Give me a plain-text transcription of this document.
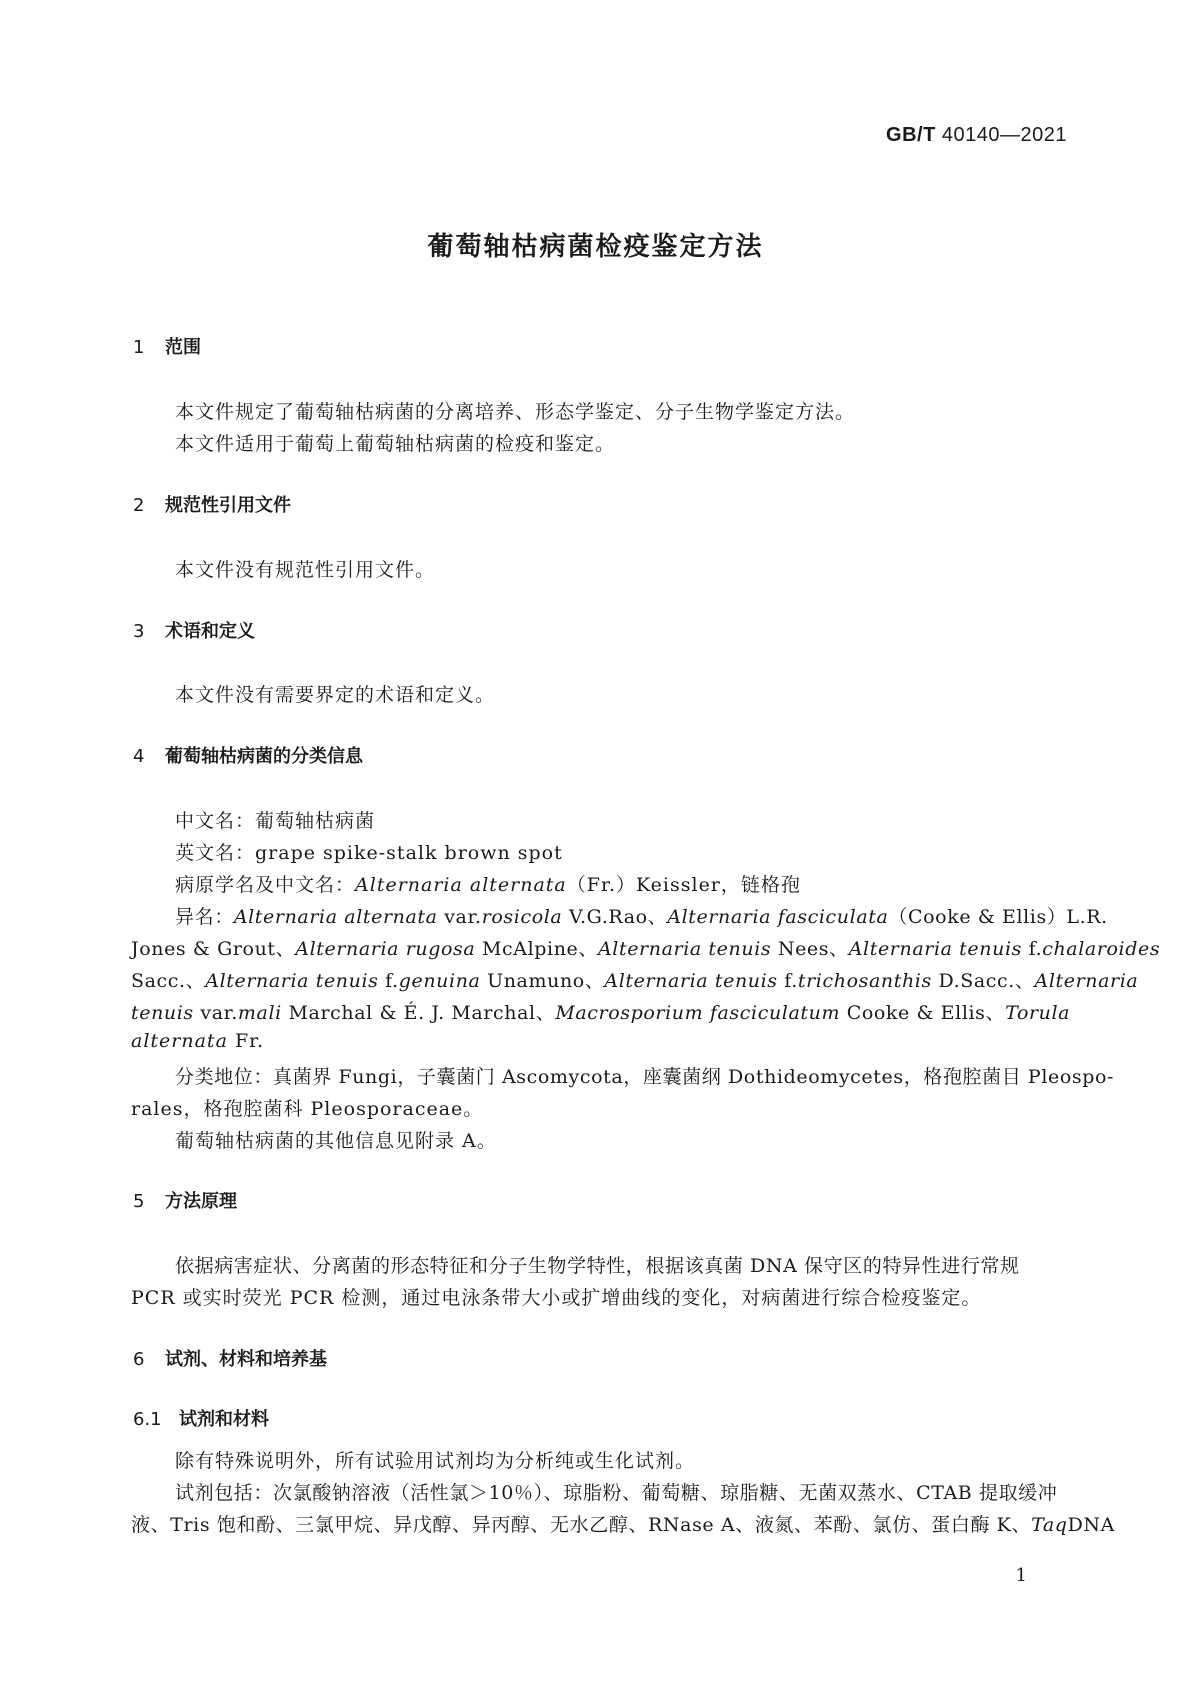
GB/T 40140—2021
葡萄轴枯病菌检疫鉴定方法
1 范围
本文件规定了葡萄轴枯病菌的分离培养、形态学鉴定、分子生物学鉴定方法。
本文件适用于葡萄上葡萄轴枯病菌的检疫和鉴定。
2 规范性引用文件
本文件没有规范性引用文件。
3 术语和定义
本文件没有需要界定的术语和定义。
4 葡萄轴枯病菌的分类信息
中文名：葡萄轴枯病菌
英文名：grape spike-stalk brown spot
病原学名及中文名：Alternaria alternata（Fr.）Keissler，链格孢
异名：Alternaria alternata var.rosicola V.G.Rao、Alternaria fasciculata（Cooke & Ellis）L.R.
Jones & Grout、Alternaria rugosa McAlpine、Alternaria tenuis Nees、Alternaria tenuis f.chalaroides
Sacc.、Alternaria tenuis f.genuina Unamuno、Alternaria tenuis f.trichosanthis D.Sacc.、Alternaria
tenuis var.mali Marchal & É. J. Marchal、Macrosporium fasciculatum Cooke & Ellis、Torula
alternata Fr.
分类地位：真菌界 Fungi，子囊菌门 Ascomycota，座囊菌纲 Dothideomycetes，格孢腔菌目 Pleospo-
rales，格孢腔菌科 Pleosporaceae。
葡萄轴枯病菌的其他信息见附录 A。
5 方法原理
依据病害症状、分离菌的形态特征和分子生物学特性，根据该真菌 DNA 保守区的特异性进行常规
PCR 或实时荧光 PCR 检测，通过电泳条带大小或扩增曲线的变化，对病菌进行综合检疫鉴定。
6 试剂、材料和培养基
6.1 试剂和材料
除有特殊说明外，所有试验用试剂均为分析纯或生化试剂。
试剂包括：次氯酸钠溶液（活性氯＞10％）、琼脂粉、葡萄糖、琼脂糖、无菌双蒸水、CTAB 提取缓冲
液、Tris 饱和酚、三氯甲烷、异戊醇、异丙醇、无水乙醇、RNase A、液氮、苯酚、氯仿、蛋白酶 K、TaqDNA
1
